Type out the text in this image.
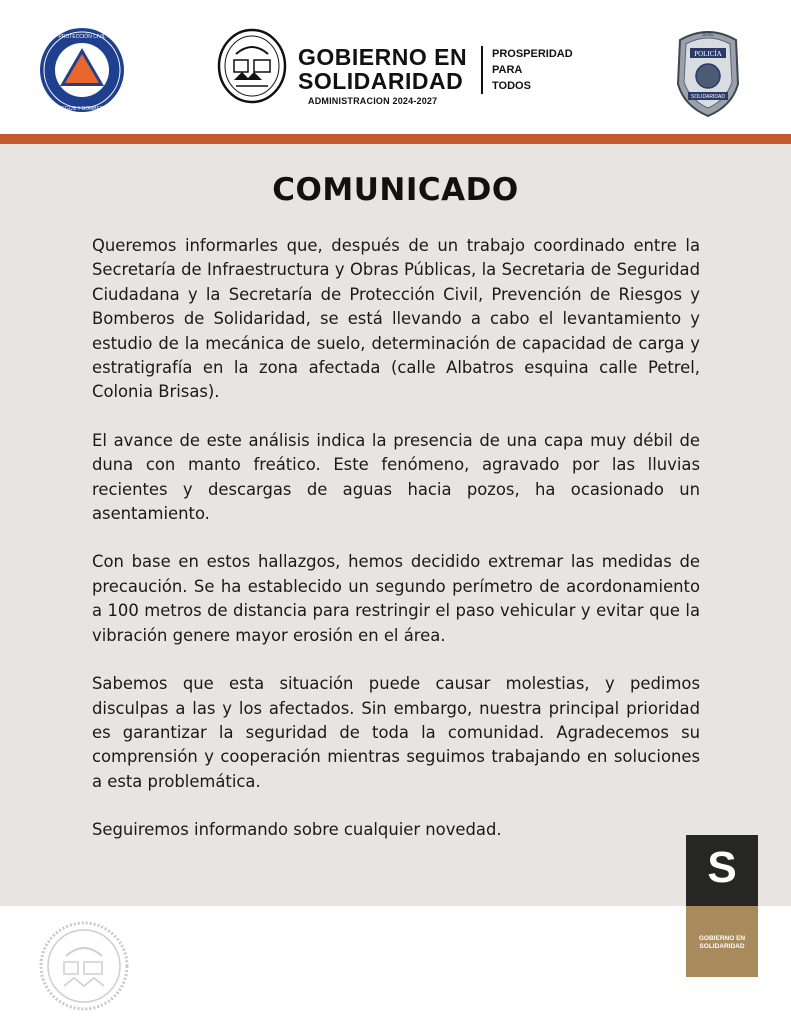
· PROTECCIÓN CIVIL ·
RIESGOS Y BOMBEROS
GOBIERNO EN
SOLIDARIDAD
ADMINISTRACION 2024-2027
PROSPERIDAD
PARA
TODOS
POLICÍA
SOLIDARIDAD
SSC
COMUNICADO

Queremos informarles que, después de un trabajo coordinado entre la Secretaría de Infraestructura y Obras Públicas, la Secretaria de Seguridad Ciudadana y la Secretaría de Protección Civil, Prevención de Riesgos y Bomberos de Solidaridad, se está llevando a cabo el levantamiento y estudio de la mecánica de suelo, determinación de capacidad de carga y estratigrafía en la zona afectada (calle Albatros esquina calle Petrel, Colonia Brisas).

El avance de este análisis indica la presencia de una capa muy débil de duna con manto freático. Este fenómeno, agravado por las lluvias recientes y descargas de aguas hacia pozos, ha ocasionado un asentamiento.

Con base en estos hallazgos, hemos decidido extremar las medidas de precaución. Se ha establecido un segundo perímetro de acordonamiento a 100 metros de distancia para restringir el paso vehicular y evitar que la vibración genere mayor erosión en el área.

Sabemos que esta situación puede causar molestias, y pedimos disculpas a las y los afectados. Sin embargo, nuestra principal prioridad es garantizar la seguridad de toda la comunidad. Agradecemos su comprensión y cooperación mientras seguimos trabajando en soluciones a esta problemática.

Seguiremos informando sobre cualquier novedad.

S
GOBIERNO EN
SOLIDARIDAD
